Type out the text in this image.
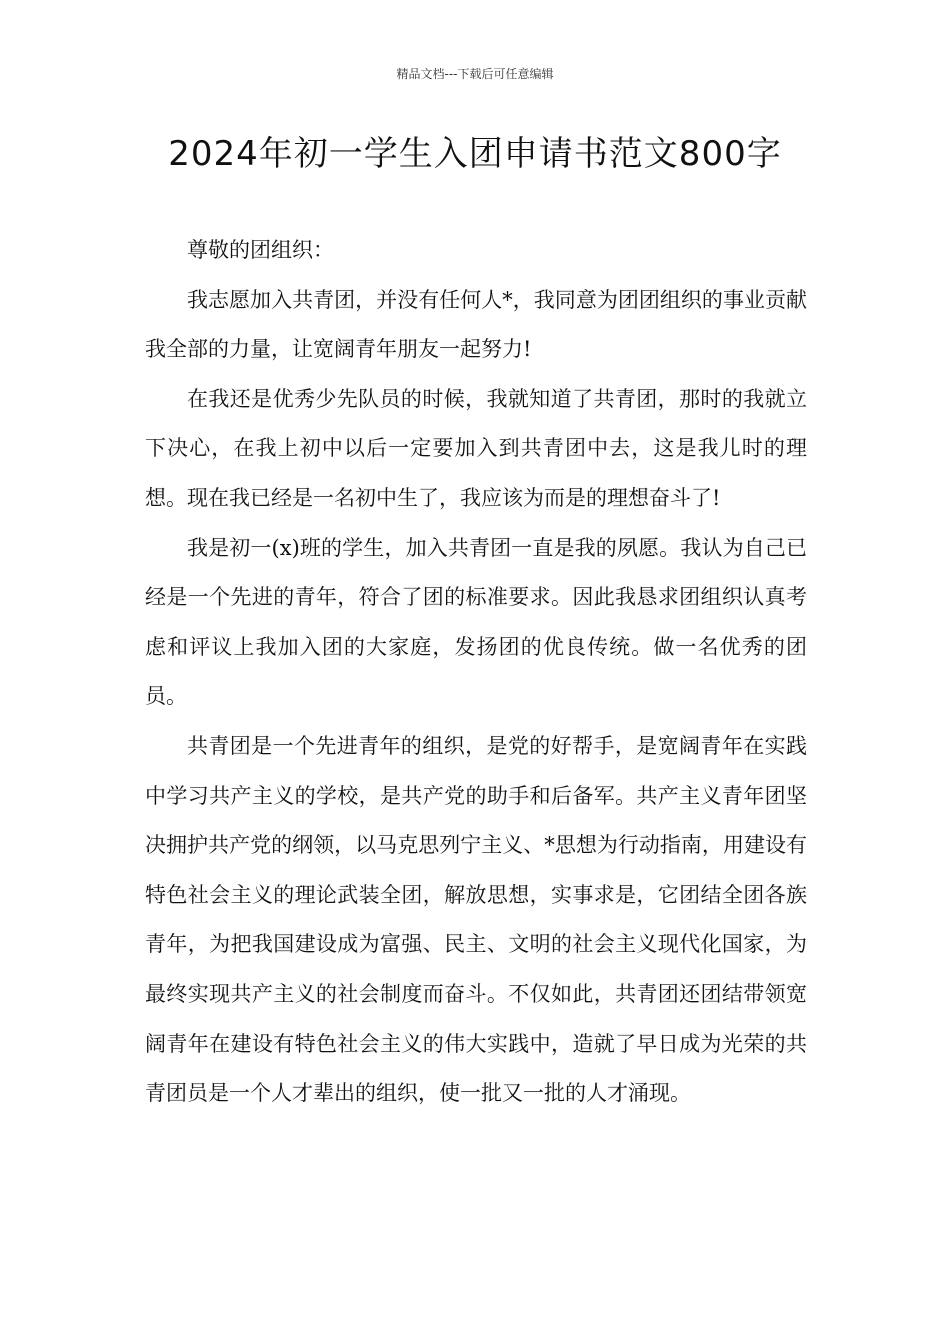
精品文档---下载后可任意编辑
2024年初一学生入团申请书范文800字

尊敬的团组织：

我志愿加入共青团，并没有任何人*，我同意为团团组织的事业贡献我全部的力量，让宽阔青年朋友一起努力!

在我还是优秀少先队员的时候，我就知道了共青团，那时的我就立下决心，在我上初中以后一定要加入到共青团中去，这是我儿时的理想。现在我已经是一名初中生了，我应该为而是的理想奋斗了!

我是初一(x)班的学生，加入共青团一直是我的夙愿。我认为自己已经是一个先进的青年，符合了团的标准要求。因此我恳求团组织认真考虑和评议上我加入团的大家庭，发扬团的优良传统。做一名优秀的团员。

共青团是一个先进青年的组织，是党的好帮手，是宽阔青年在实践中学习共产主义的学校，是共产党的助手和后备军。共产主义青年团坚决拥护共产党的纲领，以马克思列宁主义、*思想为行动指南，用建设有特色社会主义的理论武装全团，解放思想，实事求是，它团结全团各族青年，为把我国建设成为富强、民主、文明的社会主义现代化国家，为最终实现共产主义的社会制度而奋斗。不仅如此，共青团还团结带领宽阔青年在建设有特色社会主义的伟大实践中，造就了早日成为光荣的共青团员是一个人才辈出的组织，使一批又一批的人才涌现。
